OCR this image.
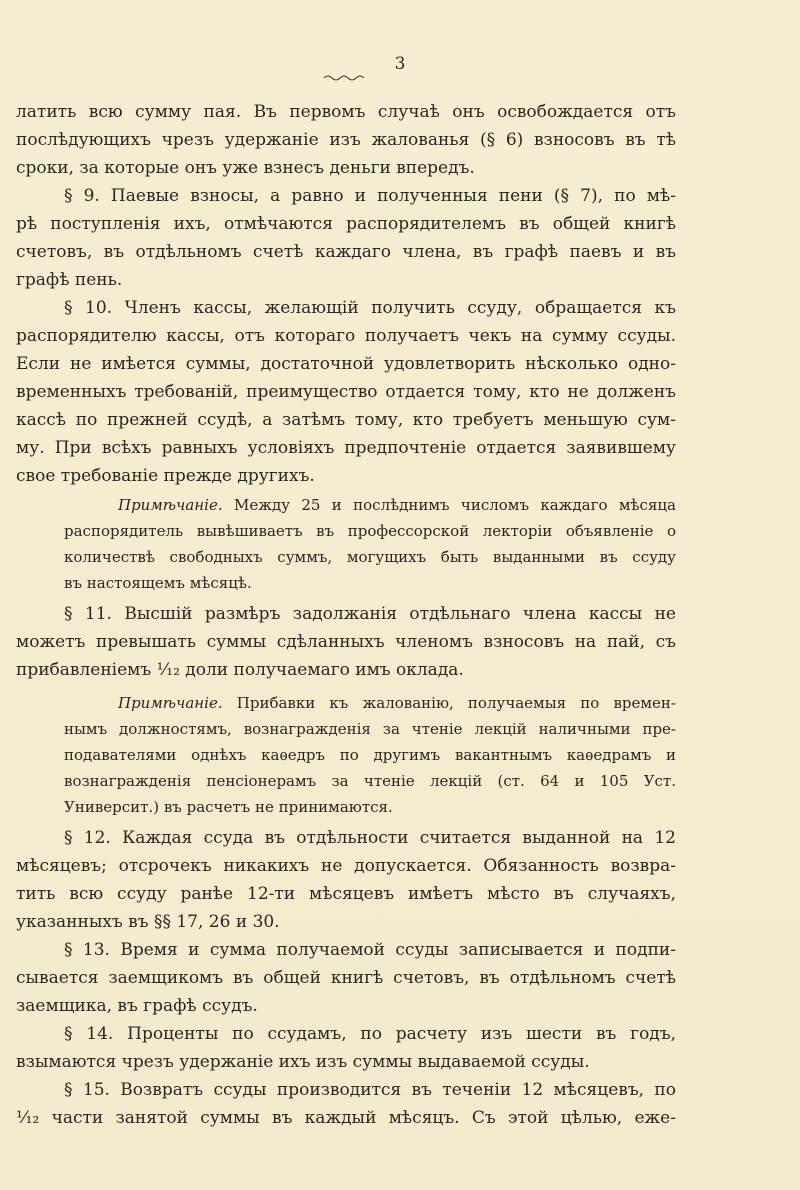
3
латить всю сумму пая. Въ первомъ случаѣ онъ освобождается отъ
послѣдующихъ чрезъ удержаніе изъ жалованья (§ 6) взносовъ въ тѣ
сроки, за которые онъ уже взнесъ деньги впередъ.
§ 9. Паевые взносы, а равно и полученныя пени (§ 7), по мѣ-
рѣ поступленія ихъ, отмѣчаются распорядителемъ въ общей книгѣ
счетовъ, въ отдѣльномъ счетѣ каждаго члена, въ графѣ паевъ и въ
графѣ пень.
§ 10. Членъ кассы, желающій получить ссуду, обращается къ
распорядителю кассы, отъ котораго получаетъ чекъ на сумму ссуды.
Если не имѣется суммы, достаточной удовлетворить нѣсколько одно-
временныхъ требованій, преимущество отдается тому, кто не долженъ
кассѣ по прежней ссудѣ, а затѣмъ тому, кто требуетъ меньшую сум-
му. При всѣхъ равныхъ условіяхъ предпочтеніе отдается заявившему
свое требованіе прежде другихъ.
Примѣчаніе. Между 25 и послѣднимъ числомъ каждаго мѣсяца
распорядитель вывѣшиваетъ въ профессорской лекторіи объявленіе о
количествѣ свободныхъ суммъ, могущихъ быть выданными въ ссуду
въ настоящемъ мѣсяцѣ.
§ 11. Высшій размѣръ задолжанія отдѣльнаго члена кассы не
можетъ превышать суммы сдѣланныхъ членомъ взносовъ на пай, съ
прибавленіемъ ¹⁄₁₂ доли получаемаго имъ оклада.
Примѣчаніе. Прибавки къ жалованію, получаемыя по времен-
нымъ должностямъ, вознагражденія за чтеніе лекцій наличными пре-
подавателями однѣхъ каѳедръ по другимъ вакантнымъ каѳедрамъ и
вознагражденія пенсіонерамъ за чтеніе лекцій (ст. 64 и 105 Уст.
Университ.) въ расчетъ не принимаются.
§ 12. Каждая ссуда въ отдѣльности считается выданной на 12
мѣсяцевъ; отсрочекъ никакихъ не допускается. Обязанность возвра-
тить всю ссуду ранѣе 12-ти мѣсяцевъ имѣетъ мѣсто въ случаяхъ,
указанныхъ въ §§ 17, 26 и 30.
§ 13. Время и сумма получаемой ссуды записывается и подпи-
сывается заемщикомъ въ общей книгѣ счетовъ, въ отдѣльномъ счетѣ
заемщика, въ графѣ ссудъ.
§ 14. Проценты по ссудамъ, по расчету изъ шести въ годъ,
взымаются чрезъ удержаніе ихъ изъ суммы выдаваемой ссуды.
§ 15. Возвратъ ссуды производится въ теченіи 12 мѣсяцевъ, по
¹⁄₁₂ части занятой суммы въ каждый мѣсяцъ. Съ этой цѣлью, еже-
